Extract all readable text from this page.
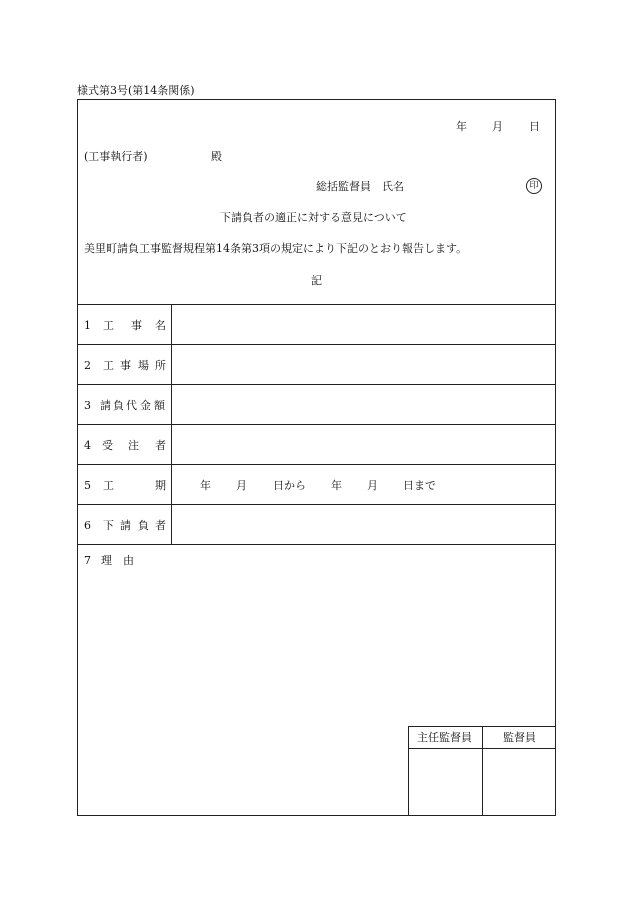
様式第3号(第14条関係)
年 月 日
(工事執行者)	殿
総括監督員　氏名	印
下請負者の適正に対する意見について
美里町請負工事監督規程第14条第3項の規定により下記のとおり報告します。
記
1 工 事 名
2 工 事 場 所
3 請 負 代 金 額
4 受 注 者
5 工	期	年 月 日から 年 月 日まで
6 下 請 負 者
7 理 由
主任監督員	監督員
